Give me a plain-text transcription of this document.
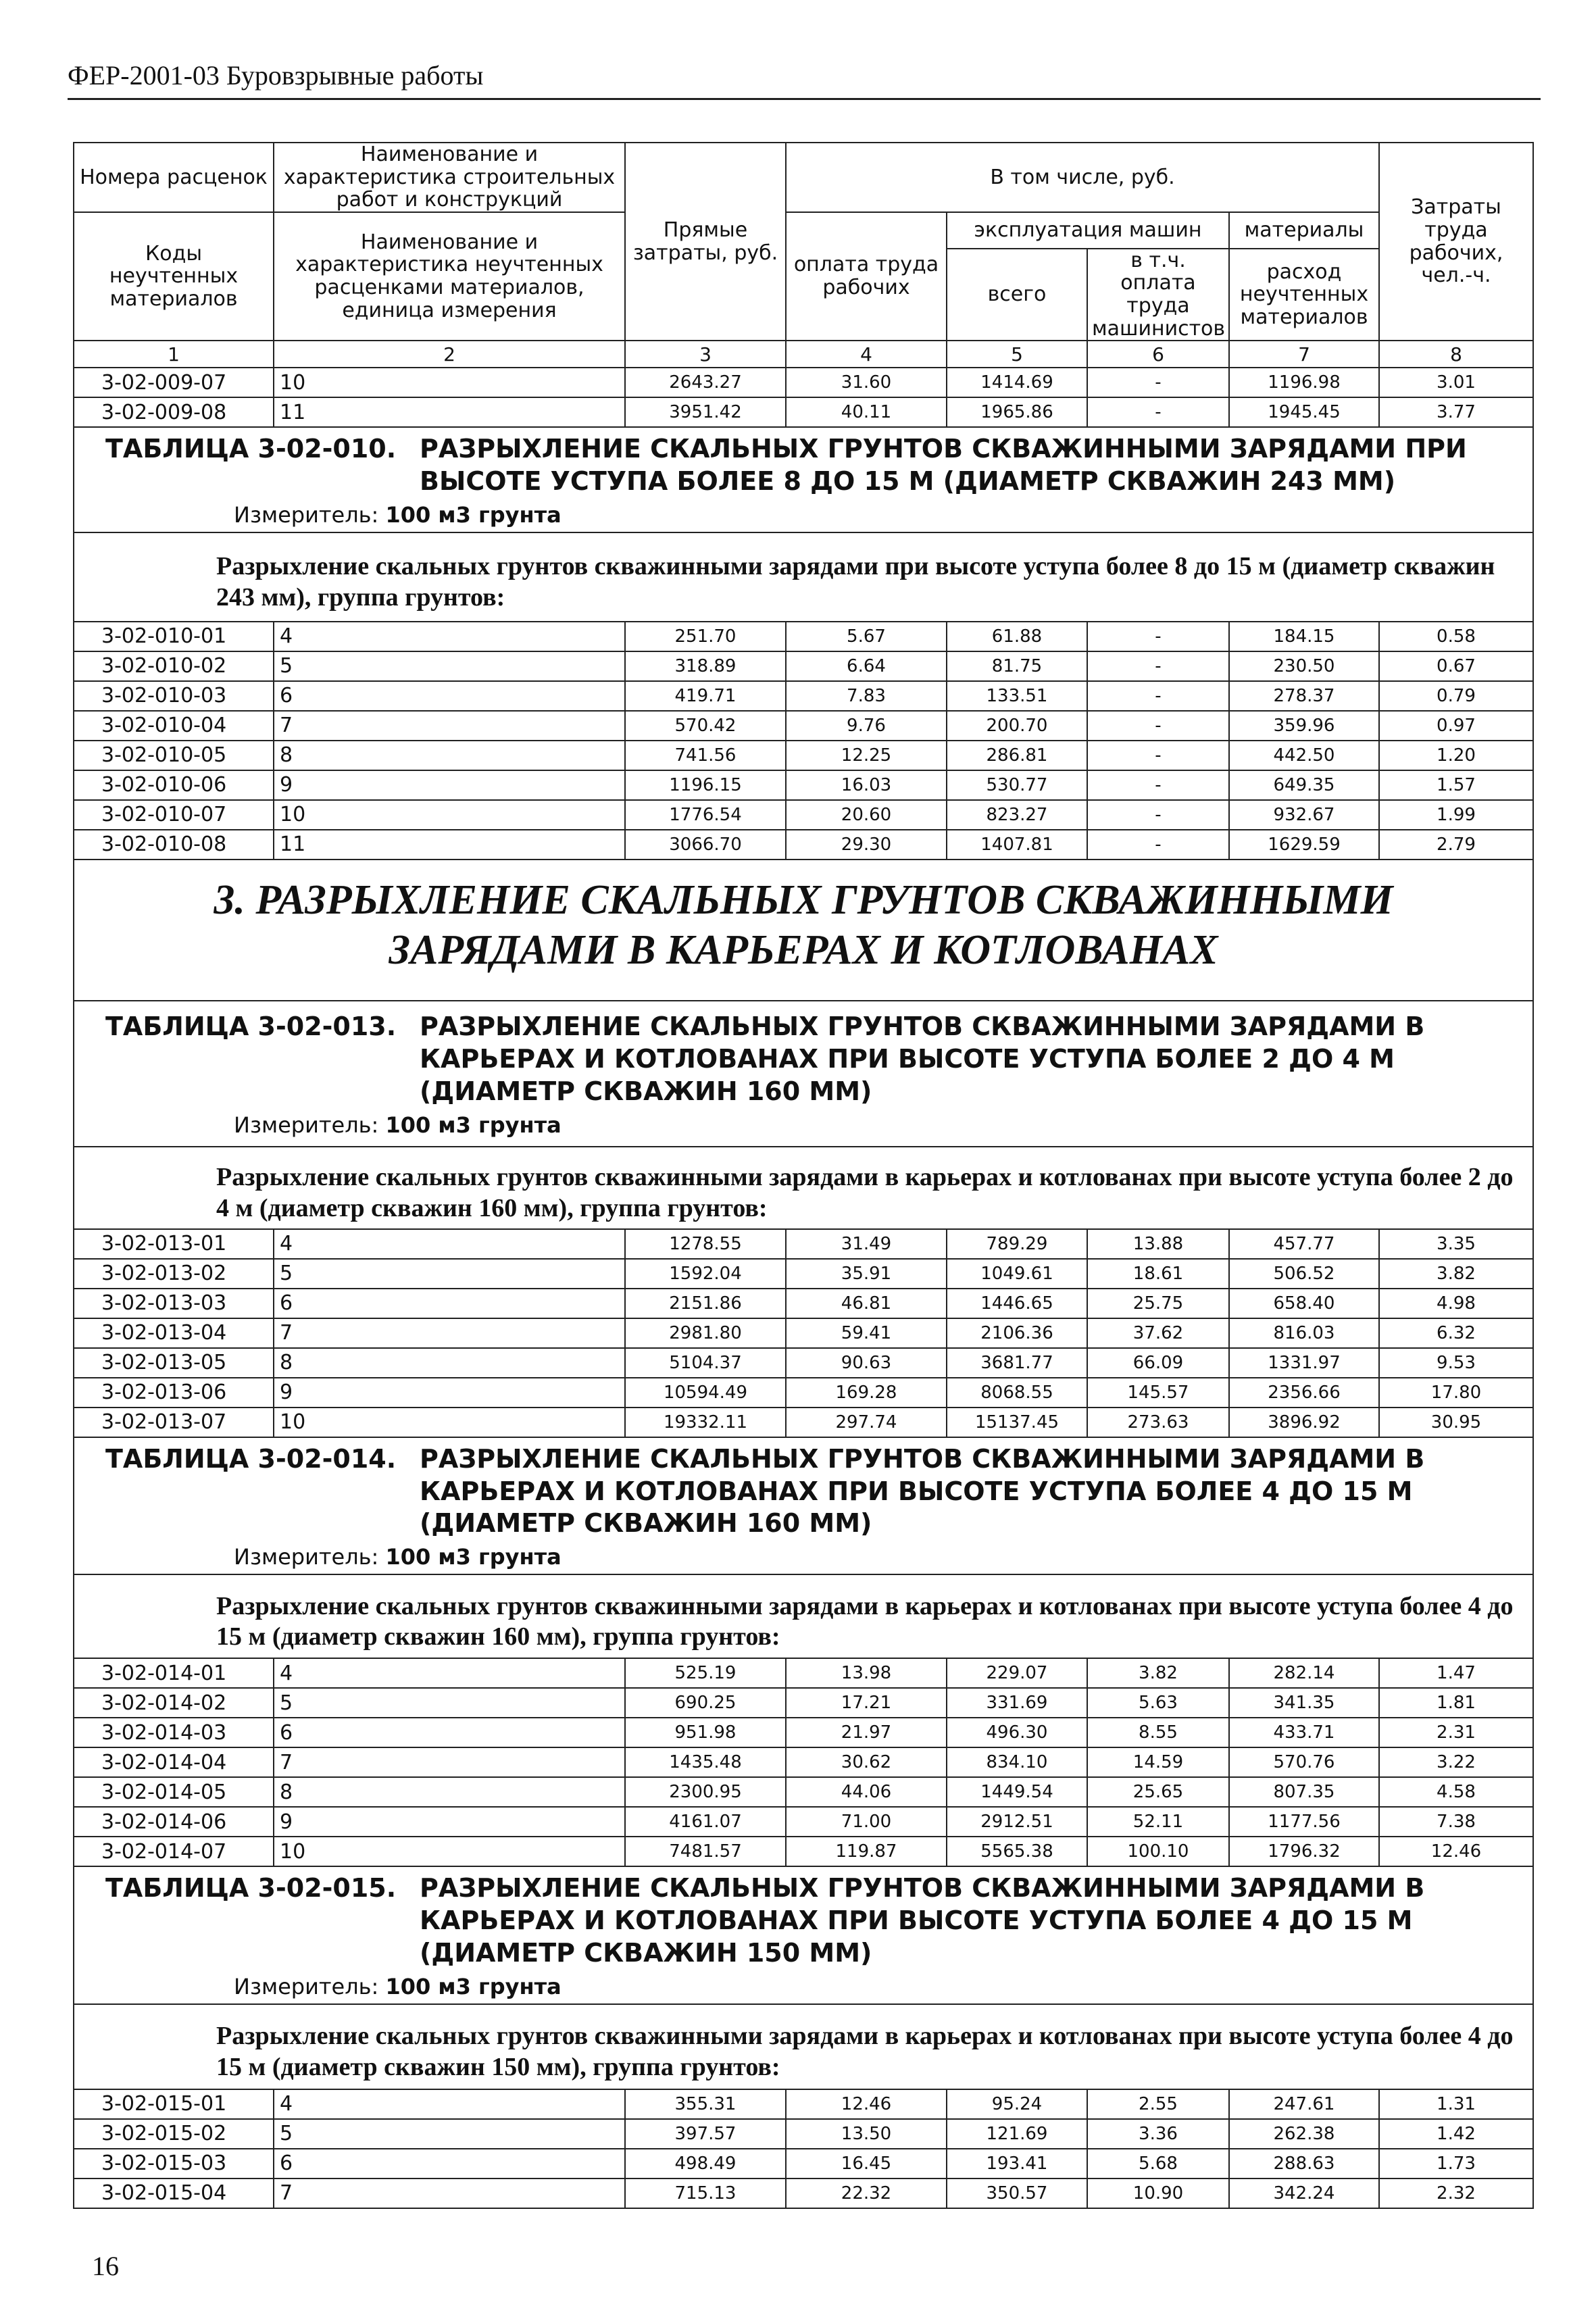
ФЕР-2001-03 Буровзрывные работы
Номера расценок	Наименование и характеристика строительных работ и конструкций	Прямые затраты, руб.	В том числе, руб.				Затраты труда рабочих, чел.-ч.
Коды неучтенных материалов	Наименование и характеристика неучтенных расценками материалов, единица измерения		оплата труда рабочих	эксплуатация машин		материалы	
				всего	в т.ч. оплата труда машинистов	расход неучтенных материалов	

1	2	3	4	5	6	7	8
3-02-009-07	10	2643.27	31.60	1414.69	-	1196.98	3.01
3-02-009-08	11	3951.42	40.11	1965.86	-	1945.45	3.77

ТАБЛИЦА 3-02-010. РАЗРЫХЛЕНИЕ СКАЛЬНЫХ ГРУНТОВ СКВАЖИННЫМИ ЗАРЯДАМИ ПРИ ВЫСОТЕ УСТУПА БОЛЕЕ 8 ДО 15 М (ДИАМЕТР СКВАЖИН 243 ММ)
Измеритель: 100 м3 грунта							

Разрыхление скальных грунтов скважинными зарядами при высоте уступа более 8 до 15 м (диаметр скважин 243 мм), группа грунтов:							

3-02-010-01	4	251.70	5.67	61.88	-	184.15	0.58
3-02-010-02	5	318.89	6.64	81.75	-	230.50	0.67
3-02-010-03	6	419.71	7.83	133.51	-	278.37	0.79
3-02-010-04	7	570.42	9.76	200.70	-	359.96	0.97
3-02-010-05	8	741.56	12.25	286.81	-	442.50	1.20
3-02-010-06	9	1196.15	16.03	530.77	-	649.35	1.57
3-02-010-07	10	1776.54	20.60	823.27	-	932.67	1.99
3-02-010-08	11	3066.70	29.30	1407.81	-	1629.59	2.79

3. РАЗРЫХЛЕНИЕ СКАЛЬНЫХ ГРУНТОВ СКВАЖИННЫМИ ЗАРЯДАМИ В КАРЬЕРАХ И КОТЛОВАНАХ							

ТАБЛИЦА 3-02-013. РАЗРЫХЛЕНИЕ СКАЛЬНЫХ ГРУНТОВ СКВАЖИННЫМИ ЗАРЯДАМИ В КАРЬЕРАХ И КОТЛОВАНАХ ПРИ ВЫСОТЕ УСТУПА БОЛЕЕ 2 ДО 4 М (ДИАМЕТР СКВАЖИН 160 ММ)
Измеритель: 100 м3 грунта							

Разрыхление скальных грунтов скважинными зарядами в карьерах и котлованах при высоте уступа более 2 до 4 м (диаметр скважин 160 мм), группа грунтов:							

3-02-013-01	4	1278.55	31.49	789.29	13.88	457.77	3.35
3-02-013-02	5	1592.04	35.91	1049.61	18.61	506.52	3.82
3-02-013-03	6	2151.86	46.81	1446.65	25.75	658.40	4.98
3-02-013-04	7	2981.80	59.41	2106.36	37.62	816.03	6.32
3-02-013-05	8	5104.37	90.63	3681.77	66.09	1331.97	9.53
3-02-013-06	9	10594.49	169.28	8068.55	145.57	2356.66	17.80
3-02-013-07	10	19332.11	297.74	15137.45	273.63	3896.92	30.95

ТАБЛИЦА 3-02-014. РАЗРЫХЛЕНИЕ СКАЛЬНЫХ ГРУНТОВ СКВАЖИННЫМИ ЗАРЯДАМИ В КАРЬЕРАХ И КОТЛОВАНАХ ПРИ ВЫСОТЕ УСТУПА БОЛЕЕ 4 ДО 15 М (ДИАМЕТР СКВАЖИН 160 ММ)
Измеритель: 100 м3 грунта							

Разрыхление скальных грунтов скважинными зарядами в карьерах и котлованах при высоте уступа более 4 до 15 м (диаметр скважин 160 мм), группа грунтов:							

3-02-014-01	4	525.19	13.98	229.07	3.82	282.14	1.47
3-02-014-02	5	690.25	17.21	331.69	5.63	341.35	1.81
3-02-014-03	6	951.98	21.97	496.30	8.55	433.71	2.31
3-02-014-04	7	1435.48	30.62	834.10	14.59	570.76	3.22
3-02-014-05	8	2300.95	44.06	1449.54	25.65	807.35	4.58
3-02-014-06	9	4161.07	71.00	2912.51	52.11	1177.56	7.38
3-02-014-07	10	7481.57	119.87	5565.38	100.10	1796.32	12.46

ТАБЛИЦА 3-02-015. РАЗРЫХЛЕНИЕ СКАЛЬНЫХ ГРУНТОВ СКВАЖИННЫМИ ЗАРЯДАМИ В КАРЬЕРАХ И КОТЛОВАНАХ ПРИ ВЫСОТЕ УСТУПА БОЛЕЕ 4 ДО 15 М (ДИАМЕТР СКВАЖИН 150 ММ)
Измеритель: 100 м3 грунта							

Разрыхление скальных грунтов скважинными зарядами в карьерах и котлованах при высоте уступа более 4 до 15 м (диаметр скважин 150 мм), группа грунтов:							

3-02-015-01	4	355.31	12.46	95.24	2.55	247.61	1.31
3-02-015-02	5	397.57	13.50	121.69	3.36	262.38	1.42
3-02-015-03	6	498.49	16.45	193.41	5.68	288.63	1.73
3-02-015-04	7	715.13	22.32	350.57	10.90	342.24	2.32
16
